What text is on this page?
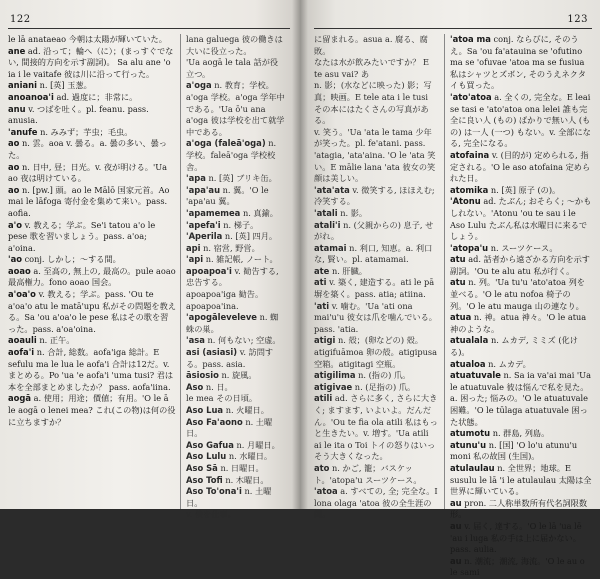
122

le lā anataeao 今朝は太陽が輝いていた。

ane ad. 沿って；輪へ（に）；(まっすぐでない, 間接的方向を示す副詞)。 Sa alu ane 'o ia i le vaitafe 彼は川に沿って行った。

aniani n. [英] 玉葱。

anoanoa'i ad. 過度に；非常に。

anu v. つばを吐く。pl. feanu. pass. anusia.

'anufe n. みみず；芋虫；毛虫。

ao n. 雲。aoa v. 曇る。a. 曇の多い、曇った。

ao n. 日中, 昼；日光。v. 夜が明ける。'Ua ao 夜は明けている。

ao n. [pw.] 頭。ao le Mālō 国家元首。Ao mai le lāfoga 寄付金を集めて来い。pass. aofia.

a'o v. 教える；学ぶ。Se'i tatou a'o le pese 歌を習いましょう。pass. a'oa; a'oina.

'ao conj. しかし；～する間。

aoao a. 至高の, 無上の, 最高の。pule aoao 最高権力。fono aoao 国会。

a'oa'o v. 教える；学ぶ。pass. 'Ou te a'oa'o atu le matā'upu 私がその問題を教える。Sa 'ou a'oa'o le pese 私はその歌を習った。pass. a'oa'oina.

aoauli n. 正午。

aofa'i n. 合計, 総数。aofa'iga 総計。E sefulu ma le lua le aofa'i 合計は12だ。v. まとめる。Po 'ua 'e aofa'i 'uma tusi? 君は本を全部まとめましたか？ pass. aofa'iina.

aogā a. 使用；用途；價値；有用。'O le ā le aogā o lenei mea? これ(この物)は何の役に立ちますか？

lana galuega 彼の働きは大いに役立った。

'Ua aogā le tala 話が役立つ。

a'oga n. 教育；学校。a'oga 学校。a'oga 学年中である。'Ua ō'u ana a'oga 彼は学校を出て就学中である。

a'oga (faleā'oga) n. 学校。faleā'oga 学校校舎。

'apa n. [英] ブリキ缶。

'apa'au n. 翼。'O le 'apa'au 翼。

'apamemea n. 真鍮。

'apefa'i n. 梯子。

'Aperila n. [英] 四月。

api n. 宿営, 野営。

'api n. 雑記帳, ノート。

apoapoa'i v. 勧告する, 忠告する。

apoapoa'iga 勧告。

apoapoa'ina.

'apogāleveleve n. 蜘蛛の巣。

'asa n. 何もない; 空虚。

asi (asiasi) v. 訪問する。pass. asia.

āsiosio n. 旋風。

Aso n. 日。

le mea その日頃。

Aso Lua n. 火曜日。

Aso Fa'aono n. 土曜日。

Aso Gafua n. 月曜日。

Aso Lulu n. 水曜日。

Aso Sā n. 日曜日。

Aso Tofi n. 木曜日。

Aso To'ona'i n. 土曜日。

v. 倹を仕事。

123

に留まれる。asua a. 腐る、腐敗。

なたは水が飲みたいですか？ E te asu vai? あ

n. 影；(水などに映った) 影；写真；映画。E tele ata i le tusi その本にはたくさんの写真がある。

v. 笑う。'Ua 'ata le tama 少年が笑った。pl. fe'atani. pass. 'atagia, 'ata'aina. 'O le 'ata 笑い。E mālie lana 'ata 彼女の笑顔は美しい。

'ata'ata v. 微笑する, ほほえむ; 冷笑する。

'atali n. 影。

atali'i n. (父親からの) 息子, せがれ。

atamai n. 利口, 知恵。a. 利口な, 賢い。pl. atamamai.

ate n. 肝臓。

ati v. 築く, 建造する。ati le pā 塀を築く。pass. atia; atiina.

'ati v. 噛む。'Ua 'ati ona mai'u'u 彼女は爪を噛んでいる。pass. 'atia.

atigi n. 殻；(卵などの) 殻。atigifuāmoa 卵の殻。atigipusa 空箱。atigitagi 空瓶。

atigilima n. (指の) 爪。

atigivae n. (足指の) 爪。

atili ad. さらに多く, さらに大きく; ますます, いよいよ。だんだん。'Ou te fia ola atili 私はもっと生きたい。v. 増す。'Ua atili ai le ita o Toi トイの怒りはいっそう大きくなった。

ato n. かご, 籠；バスケット。'atopa'u スーツケース。

'atoa a. すべての, 全; 完全な。I lona olaga 'atoa 彼の全生涯の間。

'atoa ma conj. ならびに, そのうえ。Sa 'ou fa'atauina se 'ofutino ma se 'ofuvae 'atoa ma se fusiua 私はシャツとズボン, そのうえネクタイも買った。

'ato'atoa a. 全くの, 完全な。E leai se tasi e 'ato'atoa ona lelei 誰も完全に良い人 (もの) ばかりで無い人 (もの) は一人 (一つ) もない。v. 全部になる, 完全になる。

atofaina v. (目的が) 定められる, 指定される。'O le aso atofaina 定められた日。

atomika n. [英] 原子 (の)。

'Atonu ad. たぶん; おそらく; ～かもしれない。'Atonu 'ou te sau i le Aso Lulu たぶん私は水曜日に来るでしょう。

'atopa'u n. スーツケース。

atu ad. 話者から遠ざかる方向を示す副詞。'Ou te alu atu 私が行く。

atu n. 列。'Ua tu'u 'ato'atoa 列を並べる。'O le atu nofoa 椅子の列。'O le atu mauga 山の連なり。

atua n. 神。atua 神々。'O le atua 神のような。

atualala n. ムカデ, ミミズ (化ける)。

atualoa n. ムカデ。

atuatuvale n. Sa ia va'ai mai 'Ua le atuatuvale 彼は悩んで私を見た。

a. 困った; 悩みの。'O le atuatuvale 困難。'O le tūlaga atuatuvale 困った状態。

atumotu n. 群島, 列島。

atunu'u n. [国] 'O lo'u atunu'u moni 私の故国 (生国)。

atulaulau n. 全世界；地球。E susulu le lā 'i le atulaulau 太陽は全世界に輝いている。

au pron. 二人称単数所有代名詞限数形。

au v. 届く, 達する。'O le lā 'ua lē 'au i luga 私の手は上に届かない。pass. aulia.

au n. 潮流；潮流, 海流。'O le au o le sami
